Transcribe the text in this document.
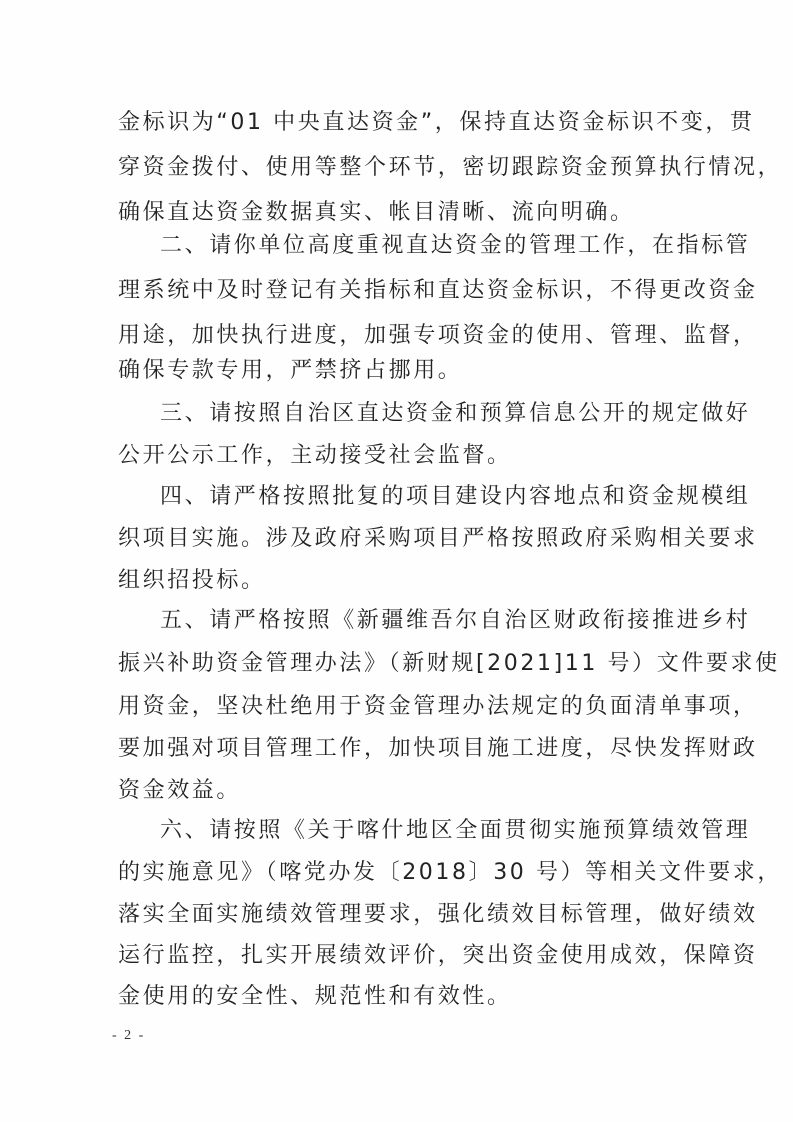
金标识为“01 中央直达资金”，保持直达资金标识不变，贯
穿资金拨付、使用等整个环节，密切跟踪资金预算执行情况，
确保直达资金数据真实、帐目清晰、流向明确。
二、请你单位高度重视直达资金的管理工作，在指标管
理系统中及时登记有关指标和直达资金标识，不得更改资金
用途，加快执行进度，加强专项资金的使用、管理、监督，
确保专款专用，严禁挤占挪用。
三、请按照自治区直达资金和预算信息公开的规定做好
公开公示工作，主动接受社会监督。
四、请严格按照批复的项目建设内容地点和资金规模组
织项目实施。涉及政府采购项目严格按照政府采购相关要求
组织招投标。
五、请严格按照《新疆维吾尔自治区财政衔接推进乡村
振兴补助资金管理办法》（新财规[2021]11 号）文件要求使
用资金，坚决杜绝用于资金管理办法规定的负面清单事项，
要加强对项目管理工作，加快项目施工进度，尽快发挥财政
资金效益。
六、请按照《关于喀什地区全面贯彻实施预算绩效管理
的实施意见》（喀党办发〔2018〕30 号）等相关文件要求，
落实全面实施绩效管理要求，强化绩效目标管理，做好绩效
运行监控，扎实开展绩效评价，突出资金使用成效，保障资
金使用的安全性、规范性和有效性。
- 2 -
